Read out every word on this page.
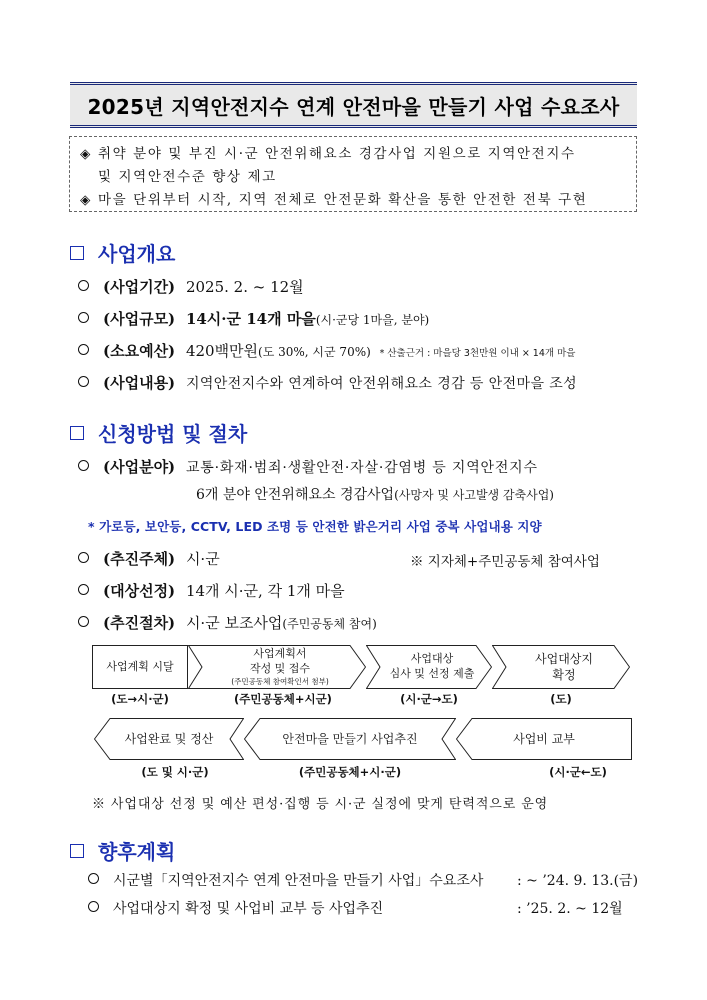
2025년 지역안전지수 연계 안전마을 만들기 사업 수요조사
◈ 취약 분야 및 부진 시·군 안전위해요소 경감사업 지원으로 지역안전지수
및 지역안전수준 향상 제고
◈ 마을 단위부터 시작, 지역 전체로 안전문화 확산을 통한 안전한 전북 구현
사업개요
(사업기간) 2025. 2. ~ 12월
(사업규모) 14시·군 14개 마을(시·군당 1마을, 분야)
(소요예산) 420백만원(도 30%, 시군 70%) * 산출근거 : 마을당 3천만원 이내 × 14개 마을
(사업내용) 지역안전지수와 연계하여 안전위해요소 경감 등 안전마을 조성
신청방법 및 절차
(사업분야) 교통·화재·범죄·생활안전·자살·감염병 등 지역안전지수
6개 분야 안전위해요소 경감사업(사망자 및 사고발생 감축사업)
* 가로등, 보안등, CCTV, LED 조명 등 안전한 밝은거리 사업 중복 사업내용 지양
(추진주체) 시·군	※ 지자체+주민공동체 참여사업
(대상선정) 14개 시·군, 각 1개 마을
(추진절차) 시·군 보조사업(주민공동체 참여)
사업계획 시달
사업계획서
작성 및 접수
(주민공동체 참여확인서 첨부)
사업대상
심사 및 선정 제출
사업대상지
확정
(도→시·군)	(주민공동체+시군)	(시·군→도)	(도)
사업완료 및 정산	안전마을 만들기 사업추진	사업비 교부
(도 및 시·군)	(주민공동체+시·군)	(시·군←도)
※ 사업대상 선정 및 예산 편성·집행 등 시·군 실정에 맞게 탄력적으로 운영
향후계획
시군별「지역안전지수 연계 안전마을 만들기 사업」수요조사 : ~ ’24. 9. 13.(금)
사업대상지 확정 및 사업비 교부 등 사업추진	: ’25. 2. ~ 12월
